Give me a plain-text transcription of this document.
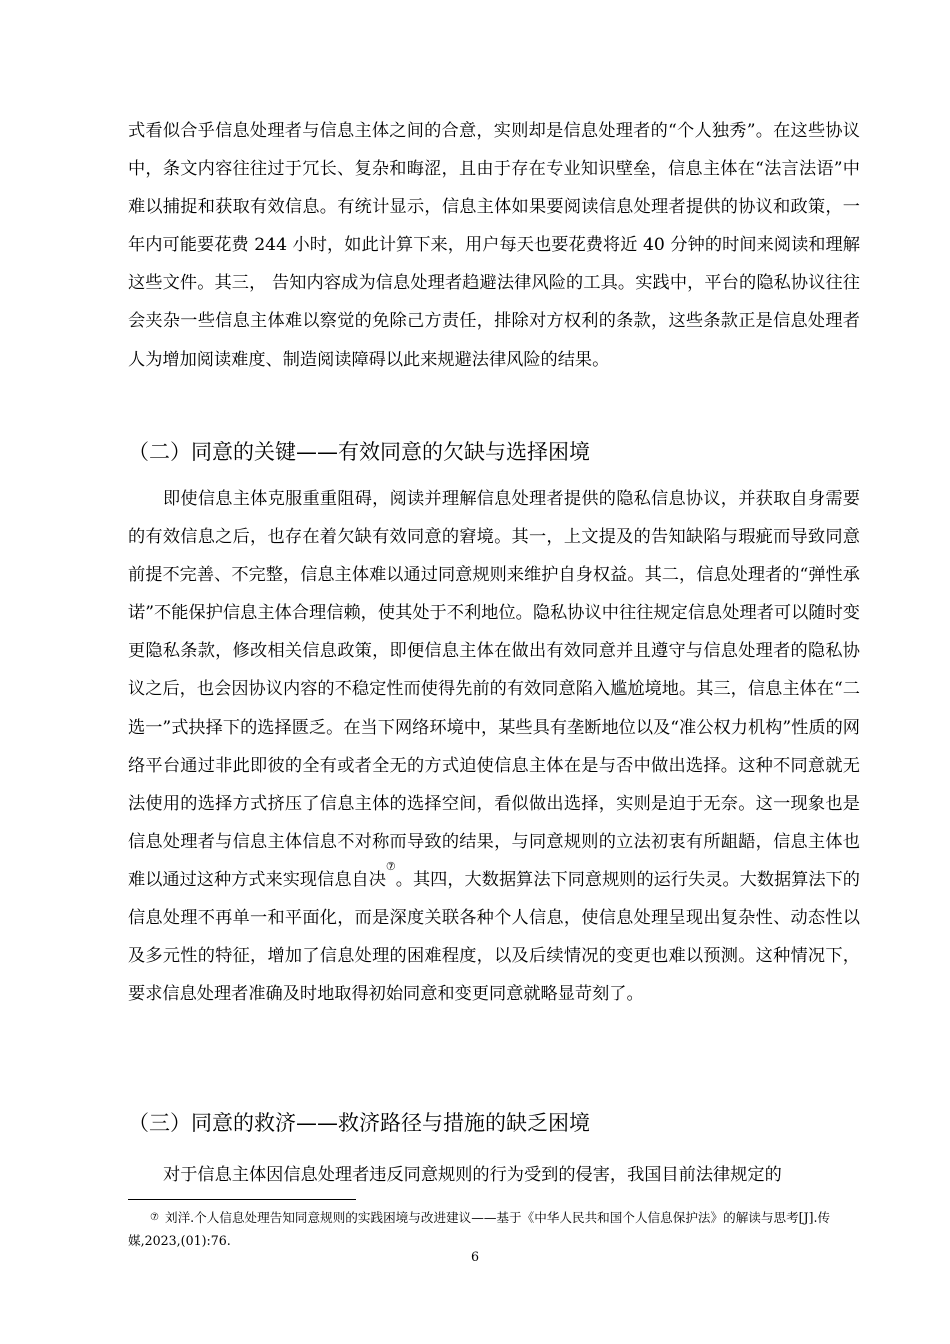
式看似合乎信息处理者与信息主体之间的合意，实则却是信息处理者的“个人独秀”。在这些协议中，条文内容往往过于冗长、复杂和晦涩，且由于存在专业知识壁垒，信息主体在“法言法语”中难以捕捉和获取有效信息。有统计显示，信息主体如果要阅读信息处理者提供的协议和政策，一年内可能要花费 244 小时，如此计算下来，用户每天也要花费将近 40 分钟的时间来阅读和理解这些文件。其三， 告知内容成为信息处理者趋避法律风险的工具。实践中，平台的隐私协议往往会夹杂一些信息主体难以察觉的免除己方责任，排除对方权利的条款，这些条款正是信息处理者人为增加阅读难度、制造阅读障碍以此来规避法律风险的结果。

（二）同意的关键——有效同意的欠缺与选择困境

即使信息主体克服重重阻碍，阅读并理解信息处理者提供的隐私信息协议，并获取自身需要的有效信息之后，也存在着欠缺有效同意的窘境。其一，上文提及的告知缺陷与瑕疵而导致同意前提不完善、不完整，信息主体难以通过同意规则来维护自身权益。其二，信息处理者的“弹性承诺”不能保护信息主体合理信赖，使其处于不利地位。隐私协议中往往规定信息处理者可以随时变更隐私条款，修改相关信息政策，即便信息主体在做出有效同意并且遵守与信息处理者的隐私协议之后，也会因协议内容的不稳定性而使得先前的有效同意陷入尴尬境地。其三，信息主体在“二选一”式抉择下的选择匮乏。在当下网络环境中，某些具有垄断地位以及“准公权力机构”性质的网络平台通过非此即彼的全有或者全无的方式迫使信息主体在是与否中做出选择。这种不同意就无法使用的选择方式挤压了信息主体的选择空间，看似做出选择，实则是迫于无奈。这一现象也是信息处理者与信息主体信息不对称而导致的结果，与同意规则的立法初衷有所龃龉，信息主体也难以通过这种方式来实现信息自决⑦。其四，大数据算法下同意规则的运行失灵。大数据算法下的信息处理不再单一和平面化，而是深度关联各种个人信息，使信息处理呈现出复杂性、动态性以及多元性的特征，增加了信息处理的困难程度，以及后续情况的变更也难以预测。这种情况下，要求信息处理者准确及时地取得初始同意和变更同意就略显苛刻了。

（三）同意的救济——救济路径与措施的缺乏困境

对于信息主体因信息处理者违反同意规则的行为受到的侵害，我国目前法律规定的

⑦ 刘洋.个人信息处理告知同意规则的实践困境与改进建议——基于《中华人民共和国个人信息保护法》的解读与思考[J].传媒,2023,(01):76.

6
